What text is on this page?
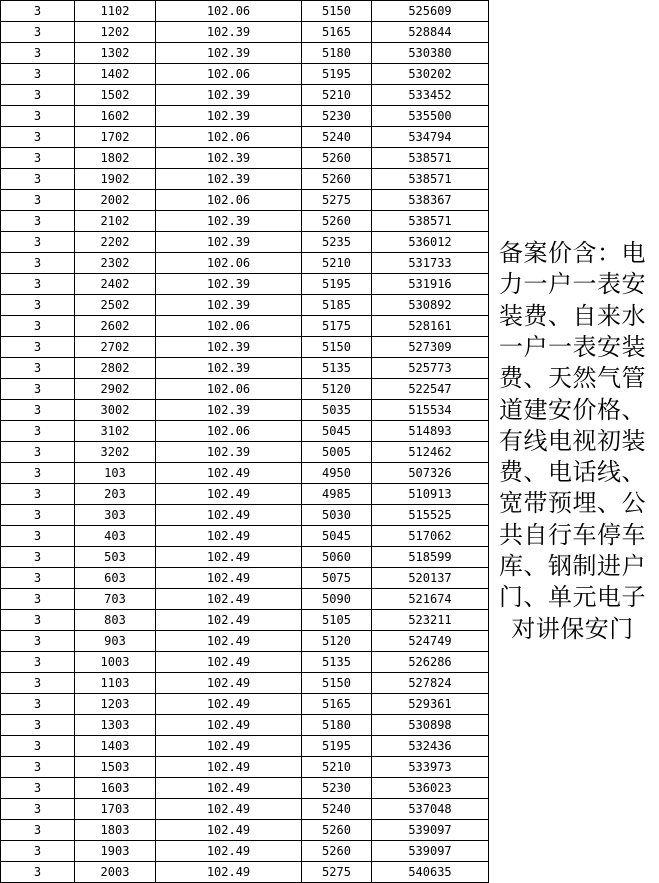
3	1102	102.06	5150	525609
3	1202	102.39	5165	528844
3	1302	102.39	5180	530380
3	1402	102.06	5195	530202
3	1502	102.39	5210	533452
3	1602	102.39	5230	535500
3	1702	102.06	5240	534794
3	1802	102.39	5260	538571
3	1902	102.39	5260	538571
3	2002	102.06	5275	538367
3	2102	102.39	5260	538571
3	2202	102.39	5235	536012
3	2302	102.06	5210	531733
3	2402	102.39	5195	531916
3	2502	102.39	5185	530892
3	2602	102.06	5175	528161
3	2702	102.39	5150	527309
3	2802	102.39	5135	525773
3	2902	102.06	5120	522547
3	3002	102.39	5035	515534
3	3102	102.06	5045	514893
3	3202	102.39	5005	512462
3	103	102.49	4950	507326
3	203	102.49	4985	510913
3	303	102.49	5030	515525
3	403	102.49	5045	517062
3	503	102.49	5060	518599
3	603	102.49	5075	520137
3	703	102.49	5090	521674
3	803	102.49	5105	523211
3	903	102.49	5120	524749
3	1003	102.49	5135	526286
3	1103	102.49	5150	527824
3	1203	102.49	5165	529361
3	1303	102.49	5180	530898
3	1403	102.49	5195	532436
3	1503	102.49	5210	533973
3	1603	102.49	5230	536023
3	1703	102.49	5240	537048
3	1803	102.49	5260	539097
3	1903	102.49	5260	539097
3	2003	102.49	5275	540635
备案价含：电力一户一表安装费、自来水一户一表安装费、天然气管道建安价格、有线电视初装费、电话线、宽带预埋、公共自行车停车库、钢制进户门、单元电子对讲保安门
